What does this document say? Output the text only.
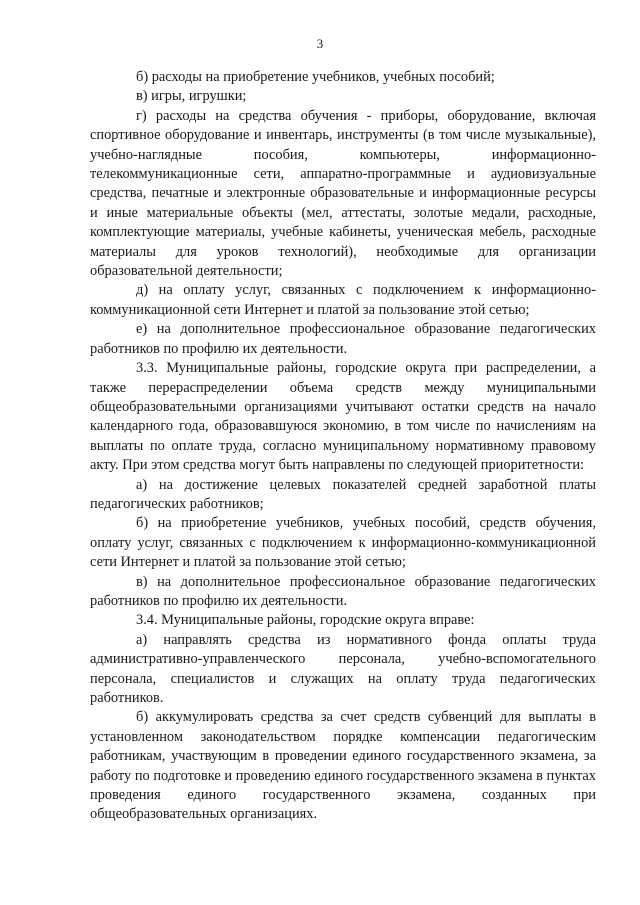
3

б) расходы на приобретение учебников, учебных пособий;

в) игры, игрушки;

г) расходы на средства обучения - приборы, оборудование, включая спортивное оборудование и инвентарь, инструменты (в том числе музыкальные), учебно-наглядные пособия, компьютеры, информационно-телекоммуникационные сети, аппаратно-программные и аудиовизуальные средства, печатные и электронные образовательные и информационные ресурсы и иные материальные объекты (мел, аттестаты, золотые медали, расходные, комплектующие материалы, учебные кабинеты, ученическая мебель, расходные материалы для уроков технологий), необходимые для организации образовательной деятельности;

д) на оплату услуг, связанных с подключением к информационно-коммуникационной сети Интернет и платой за пользование этой сетью;

е) на дополнительное профессиональное образование педагогических работников по профилю их деятельности.

3.3. Муниципальные районы, городские округа при распределении, а также перераспределении объема средств между муниципальными общеобразовательными организациями учитывают остатки средств на начало календарного года, образовавшуюся экономию, в том числе по начислениям на выплаты по оплате труда, согласно муниципальному нормативному правовому акту. При этом средства могут быть направлены по следующей приоритетности:

а) на достижение целевых показателей средней заработной платы педагогических работников;

б) на приобретение учебников, учебных пособий, средств обучения, оплату услуг, связанных с подключением к информационно-коммуникационной сети Интернет и платой за пользование этой сетью;

в) на дополнительное профессиональное образование педагогических работников по профилю их деятельности.

3.4. Муниципальные районы, городские округа вправе:

а) направлять средства из нормативного фонда оплаты труда административно-управленческого персонала, учебно-вспомогательного персонала, специалистов и служащих на оплату труда педагогических работников.

б) аккумулировать средства за счет средств субвенций для выплаты в установленном законодательством порядке компенсации педагогическим работникам, участвующим в проведении единого государственного экзамена, за работу по подготовке и проведению единого государственного экзамена в пунктах проведения единого государственного экзамена, созданных при общеобразовательных организациях.
